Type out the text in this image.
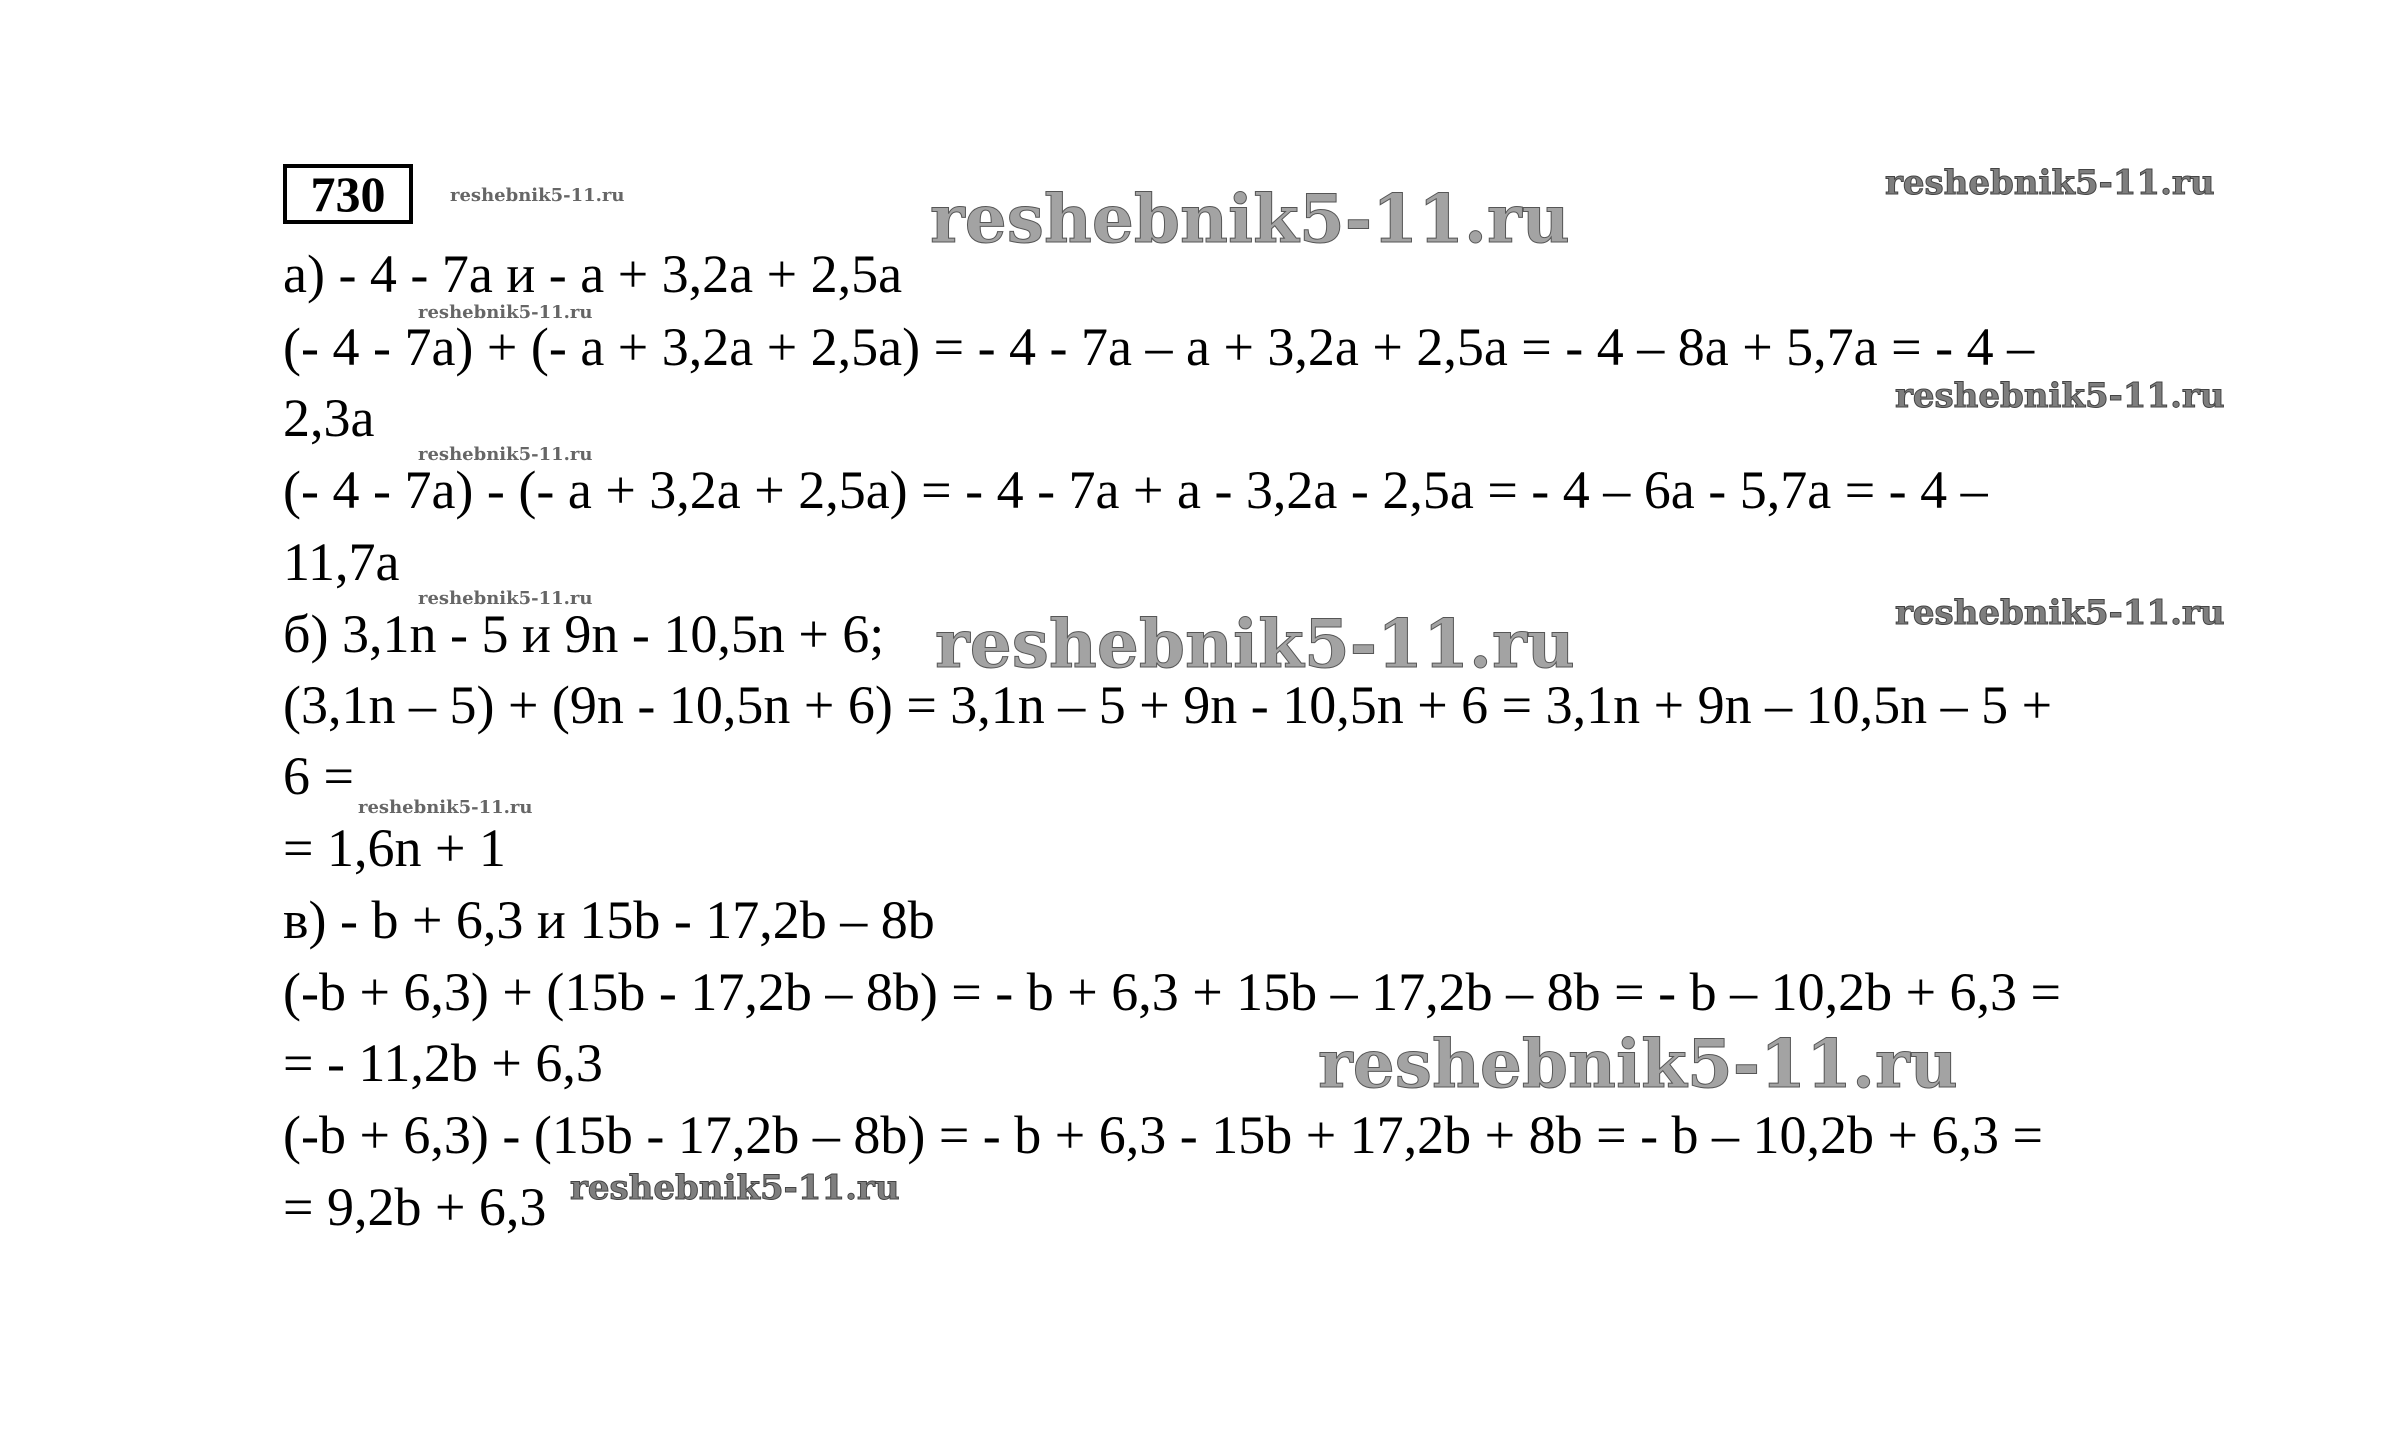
730
а) - 4 - 7a и - a + 3,2a + 2,5a
(- 4 - 7a) + (- a + 3,2a + 2,5a) = - 4 - 7a – a + 3,2a + 2,5a = - 4 – 8a + 5,7a = - 4 –
2,3a
(- 4 - 7a) - (- a + 3,2a + 2,5a) = - 4 - 7a + a - 3,2a - 2,5a = - 4 – 6a - 5,7a = - 4 –
11,7a
б) 3,1n - 5 и 9n - 10,5n + 6;
(3,1n – 5) + (9n - 10,5n + 6) = 3,1n – 5 + 9n - 10,5n + 6 = 3,1n + 9n – 10,5n – 5 +
6 =
= 1,6n + 1
в) - b + 6,3 и 15b - 17,2b – 8b
(-b + 6,3) + (15b - 17,2b – 8b) = - b + 6,3 + 15b – 17,2b – 8b = - b – 10,2b + 6,3 =
= - 11,2b + 6,3
(-b + 6,3) - (15b - 17,2b – 8b) = - b + 6,3 - 15b + 17,2b + 8b = - b – 10,2b + 6,3 =
= 9,2b + 6,3
reshebnik5-11.ru
reshebnik5-11.ru
reshebnik5-11.ru
reshebnik5-11.ru
reshebnik5-11.ru
reshebnik5-11.ru
reshebnik5-11.ru
reshebnik5-11.ru
reshebnik5-11.ru
reshebnik5-11.ru
reshebnik5-11.ru
reshebnik5-11.ru
